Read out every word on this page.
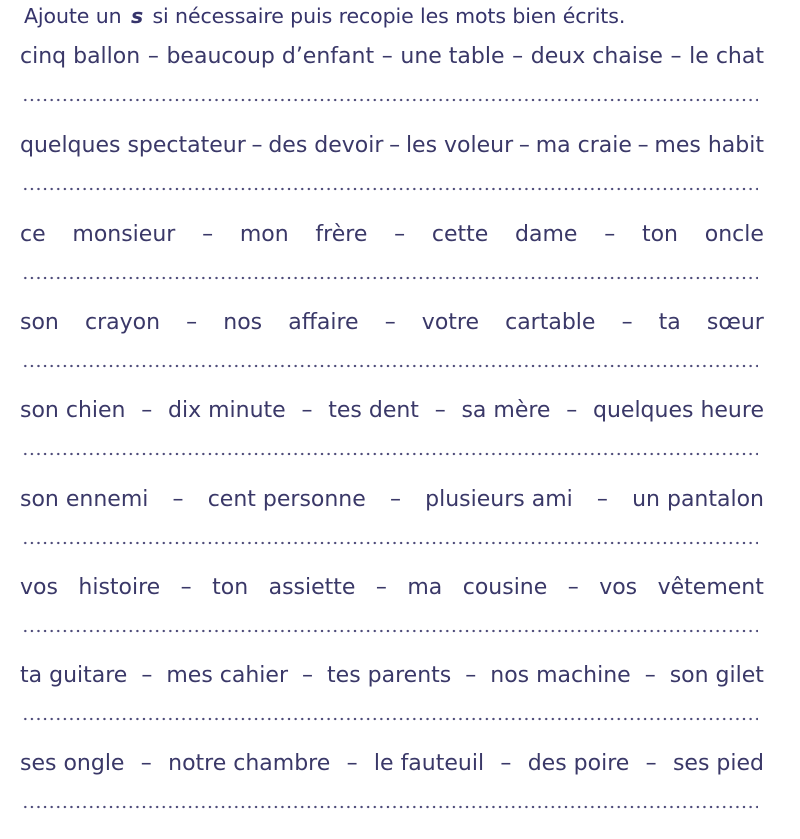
Ajoute un s si nécessaire puis recopie les mots bien écrits.
cinq ballon – beaucoup d’enfant – une table – deux chaise – le chat
quelques spectateur – des devoir – les voleur – ma craie – mes habit
ce monsieur – mon frère – cette dame – ton oncle
son crayon – nos affaire – votre cartable – ta sœur
son chien – dix minute – tes dent – sa mère – quelques heure
son ennemi – cent personne – plusieurs ami – un pantalon
vos histoire – ton assiette – ma cousine – vos vêtement
ta guitare – mes cahier – tes parents – nos machine – son gilet
ses ongle – notre chambre – le fauteuil – des poire – ses pied
